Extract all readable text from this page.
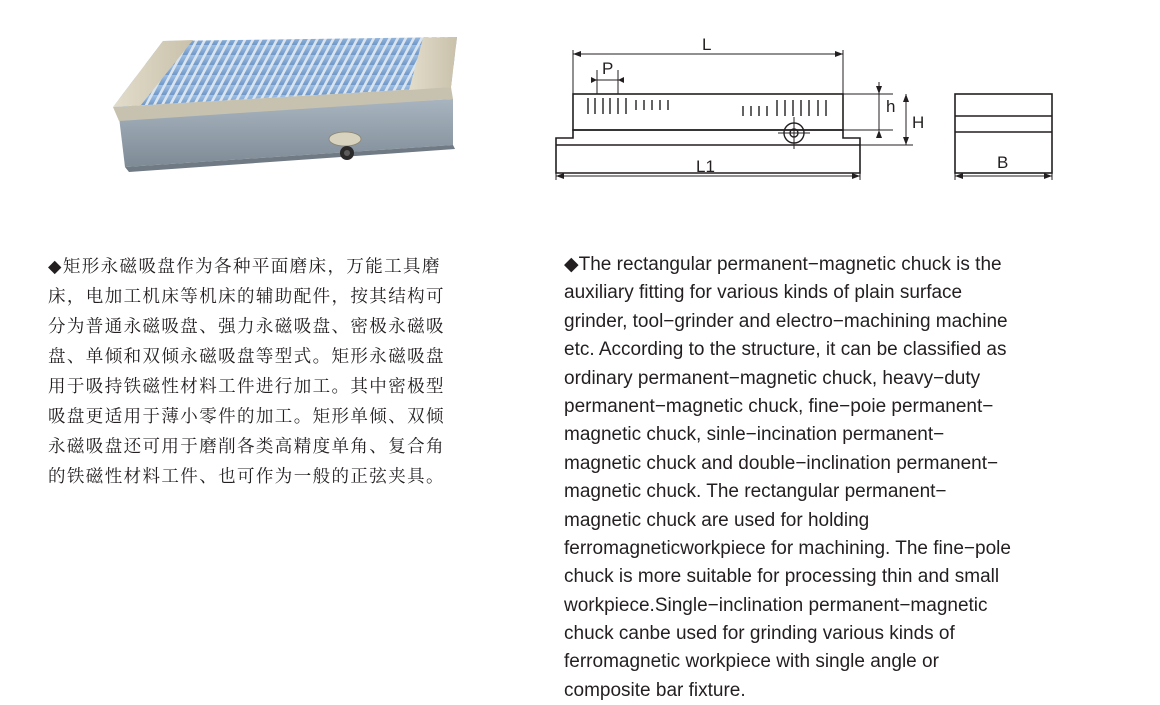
L
P
h
H
L1	B
◆矩形永磁吸盘作为各种平面磨床，万能工具磨
床，电加工机床等机床的辅助配件，按其结构可
分为普通永磁吸盘、强力永磁吸盘、密极永磁吸
盘、单倾和双倾永磁吸盘等型式。矩形永磁吸盘
用于吸持铁磁性材料工件进行加工。其中密极型
吸盘更适用于薄小零件的加工。矩形单倾、双倾
永磁吸盘还可用于磨削各类高精度单角、复合角
的铁磁性材料工件、也可作为一般的正弦夹具。
◆The rectangular permanent−magnetic chuck is the
auxiliary fitting for various kinds of plain surface
grinder, tool−grinder and electro−machining machine
etc. According to the structure, it can be classified as
ordinary permanent−magnetic chuck, heavy−duty
permanent−magnetic chuck, fine−poie permanent−
magnetic chuck, sinle−incination permanent−
magnetic chuck and double−inclination permanent−
magnetic chuck. The rectangular permanent−
magnetic chuck are used for holding
ferromagneticworkpiece for machining. The fine−pole
chuck is more suitable for processing thin and small
workpiece.Single−inclination permanent−magnetic
chuck canbe used for grinding various kinds of
ferromagnetic workpiece with single angle or
composite bar fixture.
